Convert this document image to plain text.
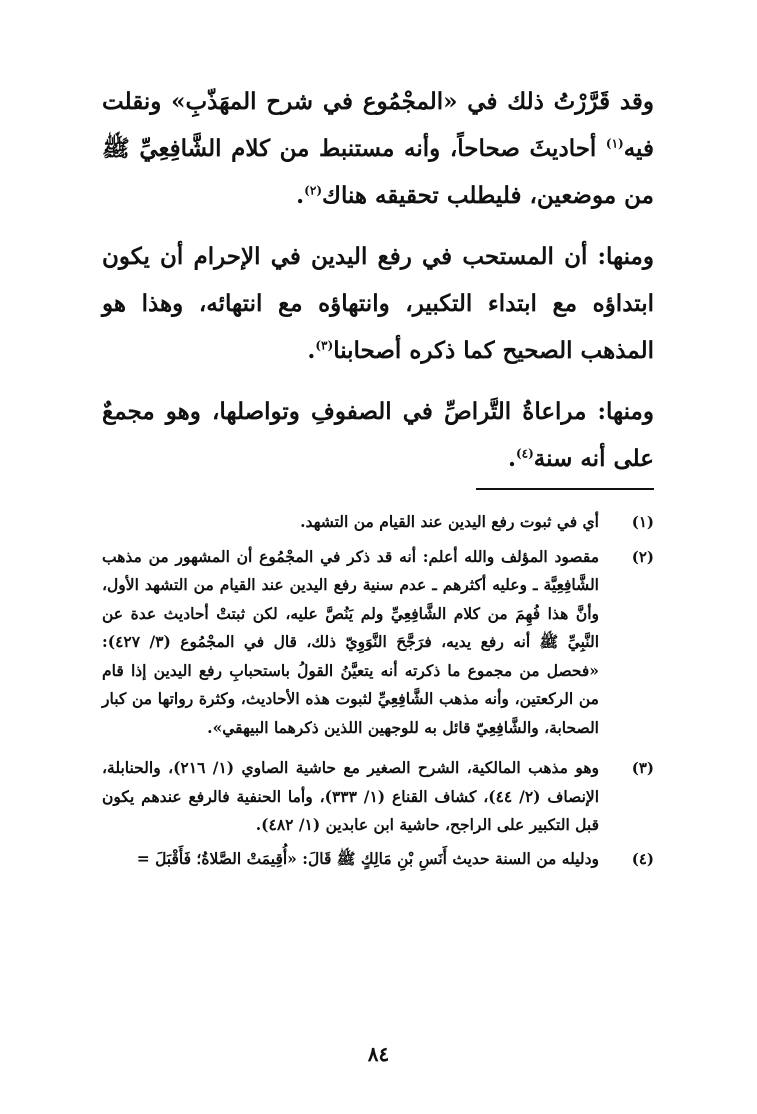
وقد قَرَّرْتُ ذلك في «المجْمُوع في شرح المهَذّبِ» ونقلت فيه$^{(١)}$ أحاديثَ صحاحاً، وأنه مستنبط من كلام الشَّافِعِيِّ ﷺ من موضعين، فليطلب تحقيقه هناك$^{(٢)}$.

ومنها: أن المستحب في رفع اليدين في الإحرام أن يكون ابتداؤه مع ابتداء التكبير، وانتهاؤه مع انتهائه، وهذا هو المذهب الصحيح كما ذكره أصحابنا$^{(٣)}$.

ومنها: مراعاةُ التَّراصِّ في الصفوفِ وتواصلها، وهو مجمعٌ على أنه سنة$^{(٤)}$.

(١)
أي في ثبوت رفع اليدين عند القيام من التشهد.
(٢)
مقصود المؤلف والله أعلم: أنه قد ذكر في المجْمُوع أن المشهور من مذهب الشَّافِعِيَّة ـ وعليه أكثرهم ـ عدم سنية رفع اليدين عند القيام من التشهد الأول، وأنَّ هذا فُهِمَ من كلام الشَّافِعِيِّ ولم يَنُصَّ عليه، لكن ثبتتْ أحاديث عدة عن النَّبِيِّ ﷺ أنه رفع يديه، فرَجَّحَ النَّوَوِيّ ذلك، قال في المجْمُوع (٣/ ٤٢٧): «فحصل من مجموع ما ذكرته أنه يتعيَّنُ القولُ باستحبابِ رفع اليدين إذا قام من الركعتين، وأنه مذهب الشَّافِعِيِّ لثبوت هذه الأحاديث، وكثرة رواتها من كبار الصحابة، والشَّافِعِيّ قائل به للوجهين اللذين ذكرهما البيهقي».
(٣)
وهو مذهب المالكية، الشرح الصغير مع حاشية الصاوي (١/ ٢١٦)، والحنابلة، الإنصاف (٢/ ٤٤)، كشاف القناع (١/ ٣٣٣)، وأما الحنفية فالرفع عندهم يكون قبل التكبير على الراجح، حاشية ابن عابدين (١/ ٤٨٢).
(٤)
ودليله من السنة حديث أَنَسِ بْنِ مَالِكٍ ﷺ قَالَ: «أُقِيمَتْ الصَّلاةُ؛ فَأَقْبَلَ =
٨٤
